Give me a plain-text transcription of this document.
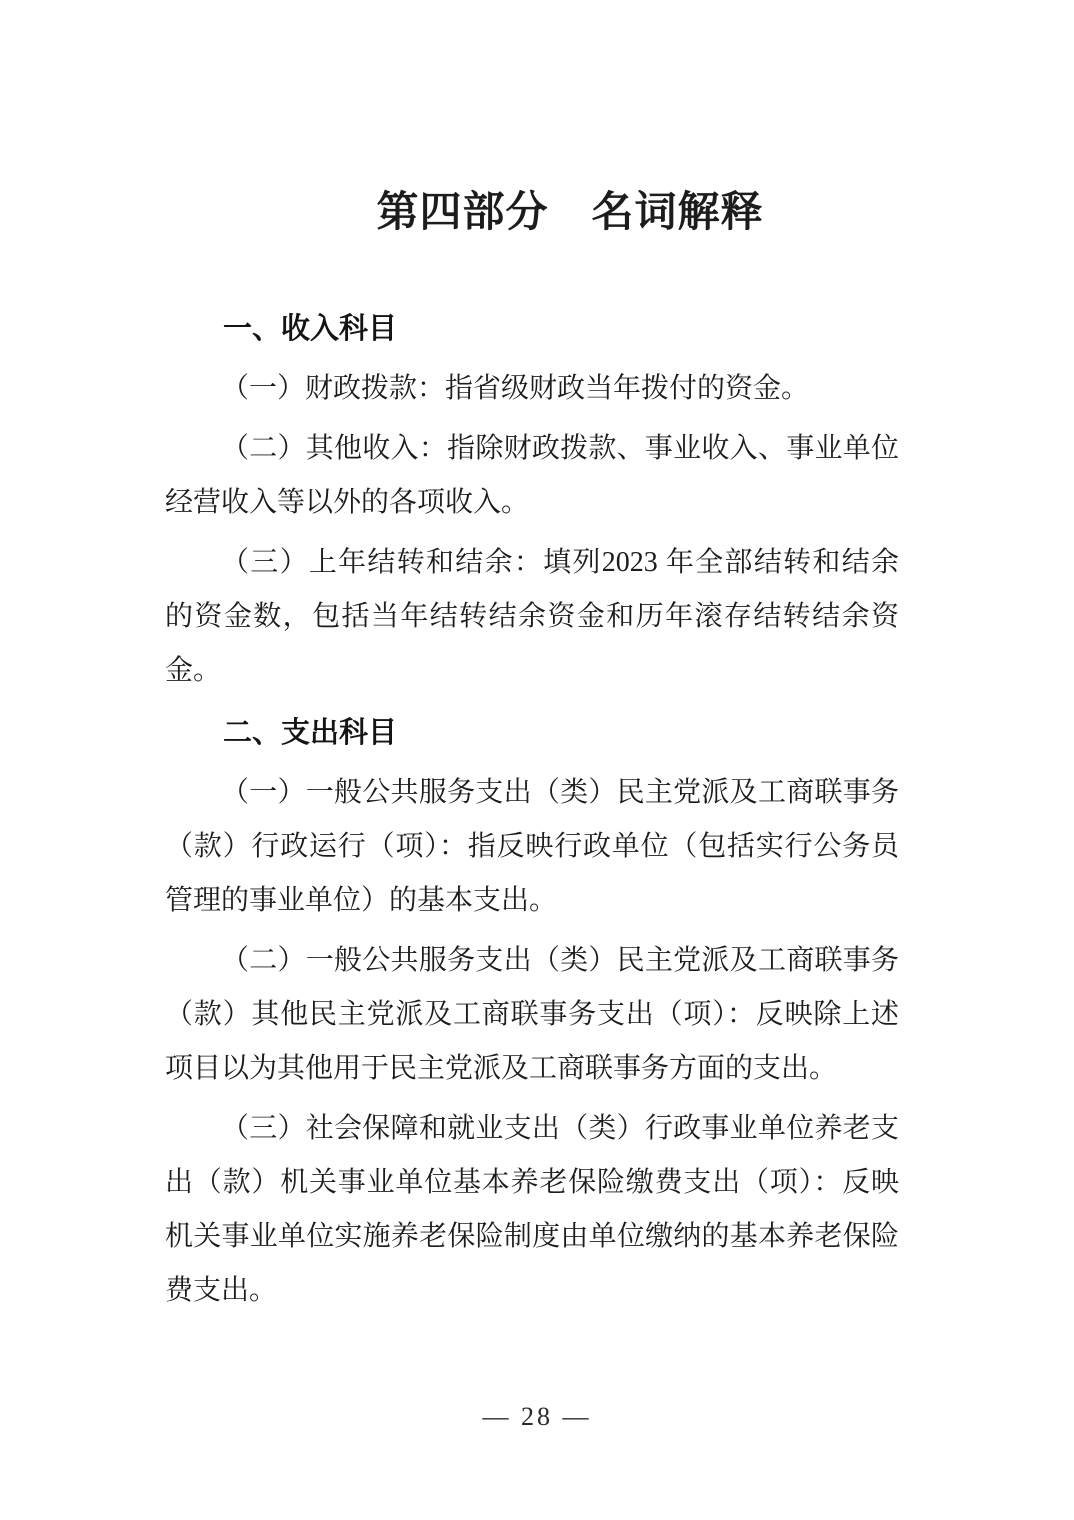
第四部分　名词解释
一、收入科目

（一）财政拨款：指省级财政当年拨付的资金。

（二）其他收入：指除财政拨款、事业收入、事业单位经营收入等以外的各项收入。

（三）上年结转和结余：填列2023 年全部结转和结余的资金数，包括当年结转结余资金和历年滚存结转结余资金。

二、支出科目

（一）一般公共服务支出（类）民主党派及工商联事务（款）行政运行（项）：指反映行政单位（包括实行公务员管理的事业单位）的基本支出。

（二）一般公共服务支出（类）民主党派及工商联事务（款）其他民主党派及工商联事务支出（项）：反映除上述项目以为其他用于民主党派及工商联事务方面的支出。

（三）社会保障和就业支出（类）行政事业单位养老支出（款）机关事业单位基本养老保险缴费支出（项）：反映机关事业单位实施养老保险制度由单位缴纳的基本养老保险费支出。

— 28 —
